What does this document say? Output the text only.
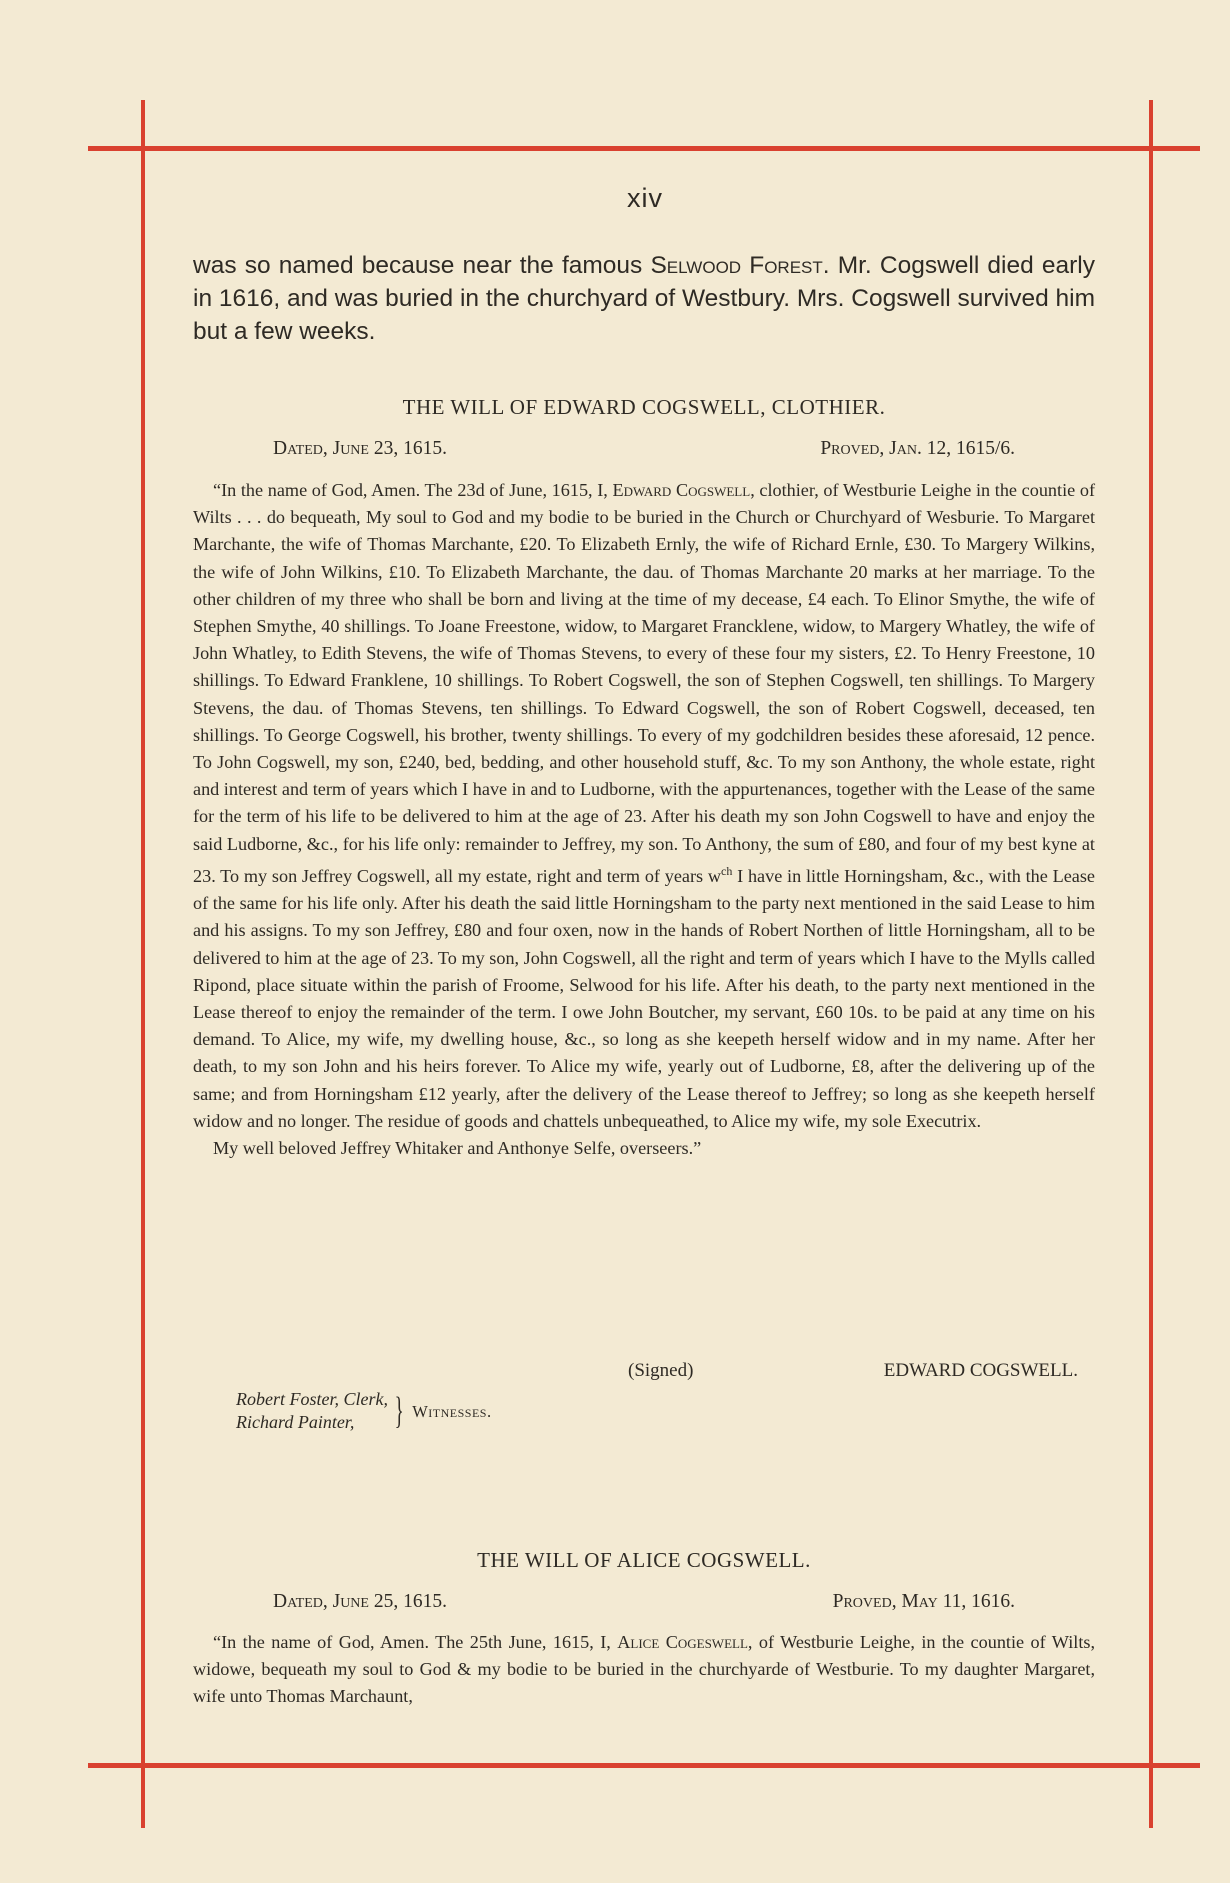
xiv
was so named because near the famous Selwood Forest. Mr. Cogswell died early in 1616, and was buried in the churchyard of Westbury. Mrs. Cogswell survived him but a few weeks.
THE WILL OF EDWARD COGSWELL, CLOTHIER.
Dated, June 23, 1615.	Proved, Jan. 12, 1615/6.

“In the name of God, Amen. The 23d of June, 1615, I, Edward Cogswell, clothier, of Westburie Leighe in the countie of Wilts . . . do bequeath, My soul to God and my bodie to be buried in the Church or Churchyard of Wesburie. To Margaret Marchante, the wife of Thomas Marchante, £20. To Elizabeth Ernly, the wife of Richard Ernle, £30. To Margery Wilkins, the wife of John Wilkins, £10. To Elizabeth Marchante, the dau. of Thomas Marchante 20 marks at her marriage. To the other children of my three who shall be born and living at the time of my decease, £4 each. To Elinor Smythe, the wife of Stephen Smythe, 40 shillings. To Joane Freestone, widow, to Margaret Francklene, widow, to Margery Whatley, the wife of John Whatley, to Edith Stevens, the wife of Thomas Stevens, to every of these four my sisters, £2. To Henry Freestone, 10 shillings. To Edward Franklene, 10 shillings. To Robert Cogswell, the son of Stephen Cogswell, ten shillings. To Margery Stevens, the dau. of Thomas Stevens, ten shillings. To Edward Cogswell, the son of Robert Cogswell, deceased, ten shillings. To George Cogswell, his brother, twenty shillings. To every of my godchildren besides these aforesaid, 12 pence. To John Cogswell, my son, £240, bed, bedding, and other household stuff, &c. To my son Anthony, the whole estate, right and interest and term of years which I have in and to Ludborne, with the appurtenances, together with the Lease of the same for the term of his life to be delivered to him at the age of 23. After his death my son John Cogswell to have and enjoy the said Ludborne, &c., for his life only: remainder to Jeffrey, my son. To Anthony, the sum of £80, and four of my best kyne at 23. To my son Jeffrey Cogswell, all my estate, right and term of years $w^{ch}$ I have in little Horningsham, &c., with the Lease of the same for his life only. After his death the said little Horningsham to the party next mentioned in the said Lease to him and his assigns. To my son Jeffrey, £80 and four oxen, now in the hands of Robert Northen of little Horningsham, all to be delivered to him at the age of 23. To my son, John Cogswell, all the right and term of years which I have to the Mylls called Ripond, place situate within the parish of Froome, Selwood for his life. After his death, to the party next mentioned in the Lease thereof to enjoy the remainder of the term. I owe John Boutcher, my servant, £60 10s. to be paid at any time on his demand. To Alice, my wife, my dwelling house, &c., so long as she keepeth herself widow and in my name. After her death, to my son John and his heirs forever. To Alice my wife, yearly out of Ludborne, £8, after the delivering up of the same; and from Horningsham £12 yearly, after the delivery of the Lease thereof to Jeffrey; so long as she keepeth herself widow and no longer. The residue of goods and chattels unbequeathed, to Alice my wife, my sole Executrix.

My well beloved Jeffrey Whitaker and Anthonye Selfe, overseers.”

(Signed)	EDWARD COGSWELL.
Robert Foster, Clerk,
Richard Painter, } Witnesses.
THE WILL OF ALICE COGSWELL.
Dated, June 25, 1615.	Proved, May 11, 1616.

“In the name of God, Amen. The 25th June, 1615, I, Alice Cogeswell, of Westburie Leighe, in the countie of Wilts, widowe, bequeath my soul to God & my bodie to be buried in the churchyarde of Westburie. To my daughter Margaret, wife unto Thomas Marchaunt,
